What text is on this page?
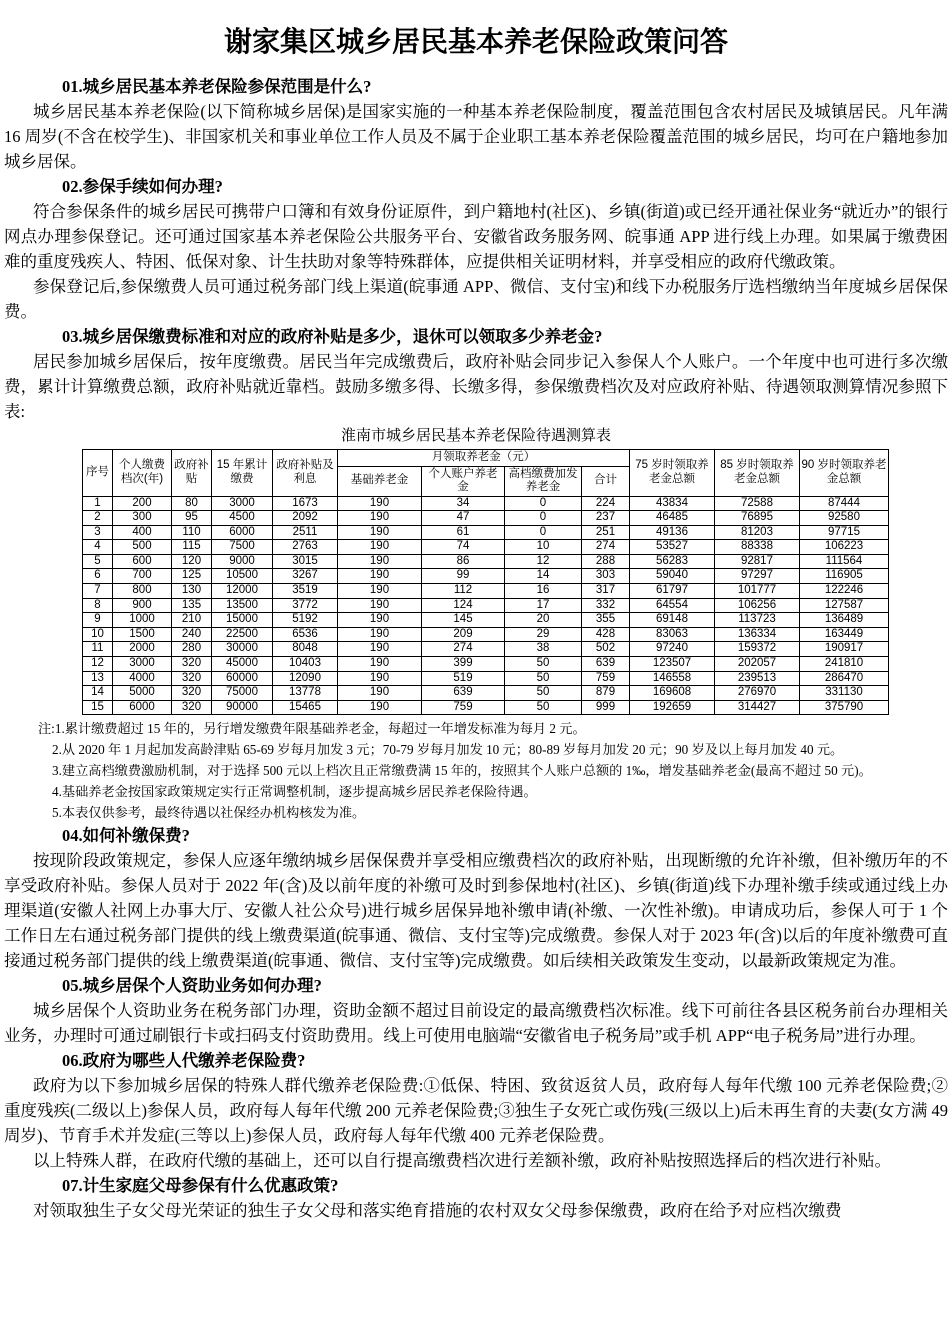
谢家集区城乡居民基本养老保险政策问答
01.城乡居民基本养老保险参保范围是什么?

城乡居民基本养老保险(以下简称城乡居保)是国家实施的一种基本养老保险制度，覆盖范围包含农村居民及城镇居民。凡年满 16 周岁(不含在校学生)、非国家机关和事业单位工作人员及不属于企业职工基本养老保险覆盖范围的城乡居民，均可在户籍地参加城乡居保。

02.参保手续如何办理?

符合参保条件的城乡居民可携带户口簿和有效身份证原件，到户籍地村(社区)、乡镇(街道)或已经开通社保业务“就近办”的银行网点办理参保登记。还可通过国家基本养老保险公共服务平台、安徽省政务服务网、皖事通 APP 进行线上办理。如果属于缴费困难的重度残疾人、特困、低保对象、计生扶助对象等特殊群体，应提供相关证明材料，并享受相应的政府代缴政策。

参保登记后,参保缴费人员可通过税务部门线上渠道(皖事通 APP、微信、支付宝)和线下办税服务厅选档缴纳当年度城乡居保保费。

03.城乡居保缴费标准和对应的政府补贴是多少，退休可以领取多少养老金?

居民参加城乡居保后，按年度缴费。居民当年完成缴费后，政府补贴会同步记入参保人个人账户。一个年度中也可进行多次缴费，累计计算缴费总额，政府补贴就近靠档。鼓励多缴多得、长缴多得，参保缴费档次及对应政府补贴、待遇领取测算情况参照下表:

淮南市城乡居民基本养老保险待遇测算表
序号	个人缴费档次(年)	政府补贴	15 年累计缴费	政府补贴及利息	月领取养老金（元）				75 岁时领取养老金总额	85 岁时领取养老金总额	90 岁时领取养老金总额
					基础养老金	个人账户养老金	高档缴费加发养老金	合计			
1	200	80	3000	1673	190	34	0	224	43834	72588	87444
2	300	95	4500	2092	190	47	0	237	46485	76895	92580
3	400	110	6000	2511	190	61	0	251	49136	81203	97715
4	500	115	7500	2763	190	74	10	274	53527	88338	106223
5	600	120	9000	3015	190	86	12	288	56283	92817	111564
6	700	125	10500	3267	190	99	14	303	59040	97297	116905
7	800	130	12000	3519	190	112	16	317	61797	101777	122246
8	900	135	13500	3772	190	124	17	332	64554	106256	127587
9	1000	210	15000	5192	190	145	20	355	69148	113723	136489
10	1500	240	22500	6536	190	209	29	428	83063	136334	163449
11	2000	280	30000	8048	190	274	38	502	97240	159372	190917
12	3000	320	45000	10403	190	399	50	639	123507	202057	241810
13	4000	320	60000	12090	190	519	50	759	146558	239513	286470
14	5000	320	75000	13778	190	639	50	879	169608	276970	331130
15	6000	320	90000	15465	190	759	50	999	192659	314427	375790
注:1.累计缴费超过 15 年的，另行增发缴费年限基础养老金，每超过一年增发标准为每月 2 元。
2.从 2020 年 1 月起加发高龄津贴 65-69 岁每月加发 3 元；70-79 岁每月加发 10 元；80-89 岁每月加发 20 元；90 岁及以上每月加发 40 元。
3.建立高档缴费激励机制，对于选择 500 元以上档次且正常缴费满 15 年的，按照其个人账户总额的 1‰，增发基础养老金(最高不超过 50 元)。
4.基础养老金按国家政策规定实行正常调整机制，逐步提高城乡居民养老保险待遇。
5.本表仅供参考，最终待遇以社保经办机构核发为准。
04.如何补缴保费?

按现阶段政策规定，参保人应逐年缴纳城乡居保保费并享受相应缴费档次的政府补贴，出现断缴的允许补缴，但补缴历年的不享受政府补贴。参保人员对于 2022 年(含)及以前年度的补缴可及时到参保地村(社区)、乡镇(街道)线下办理补缴手续或通过线上办理渠道(安徽人社网上办事大厅、安徽人社公众号)进行城乡居保异地补缴申请(补缴、一次性补缴)。申请成功后，参保人可于 1 个工作日左右通过税务部门提供的线上缴费渠道(皖事通、微信、支付宝等)完成缴费。参保人对于 2023 年(含)以后的年度补缴费可直接通过税务部门提供的线上缴费渠道(皖事通、微信、支付宝等)完成缴费。如后续相关政策发生变动，以最新政策规定为准。

05.城乡居保个人资助业务如何办理?

城乡居保个人资助业务在税务部门办理，资助金额不超过目前设定的最高缴费档次标准。线下可前往各县区税务前台办理相关业务，办理时可通过刷银行卡或扫码支付资助费用。线上可使用电脑端“安徽省电子税务局”或手机 APP“电子税务局”进行办理。

06.政府为哪些人代缴养老保险费?

政府为以下参加城乡居保的特殊人群代缴养老保险费:①低保、特困、致贫返贫人员，政府每人每年代缴 100 元养老保险费;②重度残疾(二级以上)参保人员，政府每人每年代缴 200 元养老保险费;③独生子女死亡或伤残(三级以上)后未再生育的夫妻(女方满 49 周岁)、节育手术并发症(三等以上)参保人员，政府每人每年代缴 400 元养老保险费。

以上特殊人群，在政府代缴的基础上，还可以自行提高缴费档次进行差额补缴，政府补贴按照选择后的档次进行补贴。

07.计生家庭父母参保有什么优惠政策?

对领取独生子女父母光荣证的独生子女父母和落实绝育措施的农村双女父母参保缴费，政府在给予对应档次缴费
